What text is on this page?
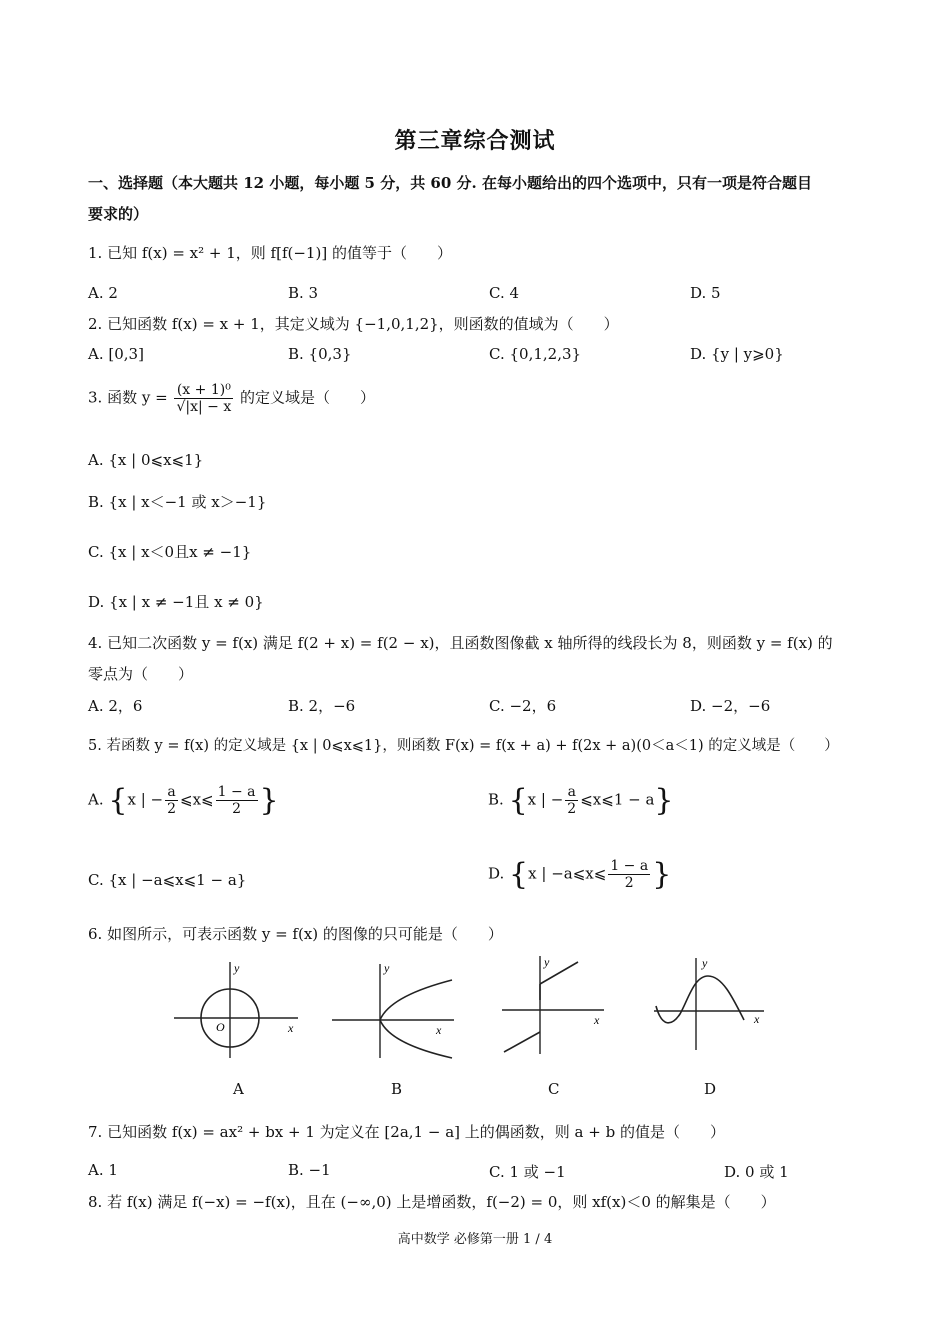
第三章综合测试
一、选择题（本大题共 12 小题，每小题 5 分，共 60 分. 在每小题给出的四个选项中，只有一项是符合题目
要求的）
1. 已知 f(x) = x² + 1，则 f[f(−1)] 的值等于（　　）
A. 2	B. 3	C. 4	D. 5
2. 已知函数 f(x) = x + 1，其定义域为 {−1,0,1,2}，则函数的值域为（　　）
A. [0,3]	B. {0,3}	C. {0,1,2,3}	D. {y | y⩾0}
3. 函数 $y = \frac{\text{(x + 1)⁰}}{√|x| - x}$ 的定义域是（　　）
A. {x | 0⩽x⩽1}
B. {x | x＜−1 或 x＞−1}
C. {x | x＜0且x ≠ −1}
D. {x | x ≠ −1且 x ≠ 0}
4. 已知二次函数 y = f(x) 满足 f(2 + x) = f(2 − x)，且函数图像截 x 轴所得的线段长为 8，则函数 y = f(x) 的
零点为（　　）
A. 2，6	B. 2，−6	C. −2，6	D. −2，−6
5. 若函数 y = f(x) 的定义域是 {x | 0⩽x⩽1}，则函数 F(x) = f(x + a) + f(2x + a)(0＜a＜1) 的定义域是（　　）
A. {x | − $\frac{a}{2}$ ⩽x⩽ $\frac{1 - a}{2}$ }	B. {x | − $\frac{a}{2}$ ⩽x⩽1 − a}
C. {x | −a⩽x⩽1 − a}	D. {x | −a⩽x⩽ $\frac{1 - a}{2}$ }
6. 如图所示，可表示函数 y = f(x) 的图像的只可能是（　　）
y
x
O
y
x
y
x
y
x
A	B	C	D
7. 已知函数 f(x) = ax² + bx + 1 为定义在 [2a,1 − a] 上的偶函数，则 a + b 的值是（　　）
A. 1	B. −1	C. 1 或 −1	D. 0 或 1
8. 若 f(x) 满足 f(−x) = −f(x)，且在 (−∞,0) 上是增函数，f(−2) = 0，则 xf(x)＜0 的解集是（　　）
高中数学 必修第一册 1 / 4
